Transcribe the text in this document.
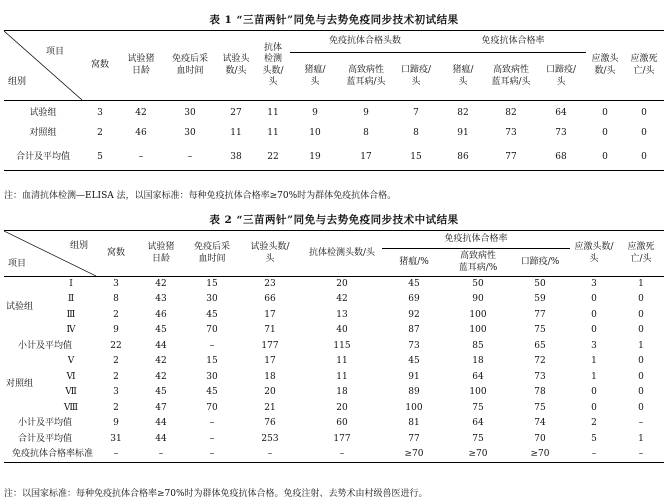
表 1 “三苗两针”同免与去势免疫同步技术初试结果
项目
组别	窝数	试验猪日龄	免疫后采血时间	试验头数/头	抗体检测头数/头	免疫抗体合格头数			免疫抗体合格率			应激头数/头	应激死亡/头
						猪瘟/头	高致病性蓝耳病/头	口蹄疫/头	猪瘟/头	高致病性蓝耳病/头	口蹄疫/头		
试验组	3	42	30	27	11	9	9	7	82	82	64	0	0
对照组	2	46	30	11	11	10	8	8	91	73	73	0	0
合计及平均值	5	–	–	38	22	19	17	15	86	77	68	0	0
注：血清抗体检测—ELISA 法，以国家标准：每种免疫抗体合格率≥70%时为群体免疫抗体合格。
表 2 “三苗两针”同免与去势免疫同步技术中试结果
组别
项目		窝数	试验猪日龄	免疫后采血时间	试验头数/头	抗体检测头数/头	免疫抗体合格率			应激头数/头	应激死亡/头
							猪瘟/%	高致病性蓝耳病/%	口蹄疫/%		
试验组	Ⅰ	3	42	15	23	20	45	50	50	3	1
	Ⅱ	8	43	30	66	42	69	90	59	0	0
	Ⅲ	2	46	45	17	13	92	100	77	0	0
	Ⅳ	9	45	70	71	40	87	100	75	0	0
小计及平均值		22	44	–	177	115	73	85	65	3	1
对照组	Ⅴ	2	42	15	17	11	45	18	72	1	0
	Ⅵ	2	42	30	18	11	91	64	73	1	0
	Ⅶ	3	45	45	20	18	89	100	78	0	0
	Ⅷ	2	47	70	21	20	100	75	75	0	0
小计及平均值		9	44	–	76	60	81	64	74	2	–
合计及平均值		31	44	–	253	177	77	75	70	5	1
免疫抗体合格率标准		–	–	–	–	–	≥70	≥70	≥70	–	–
注：以国家标准：每种免疫抗体合格率≥70%时为群体免疫抗体合格。免疫注射、去势术由村级兽医进行。
